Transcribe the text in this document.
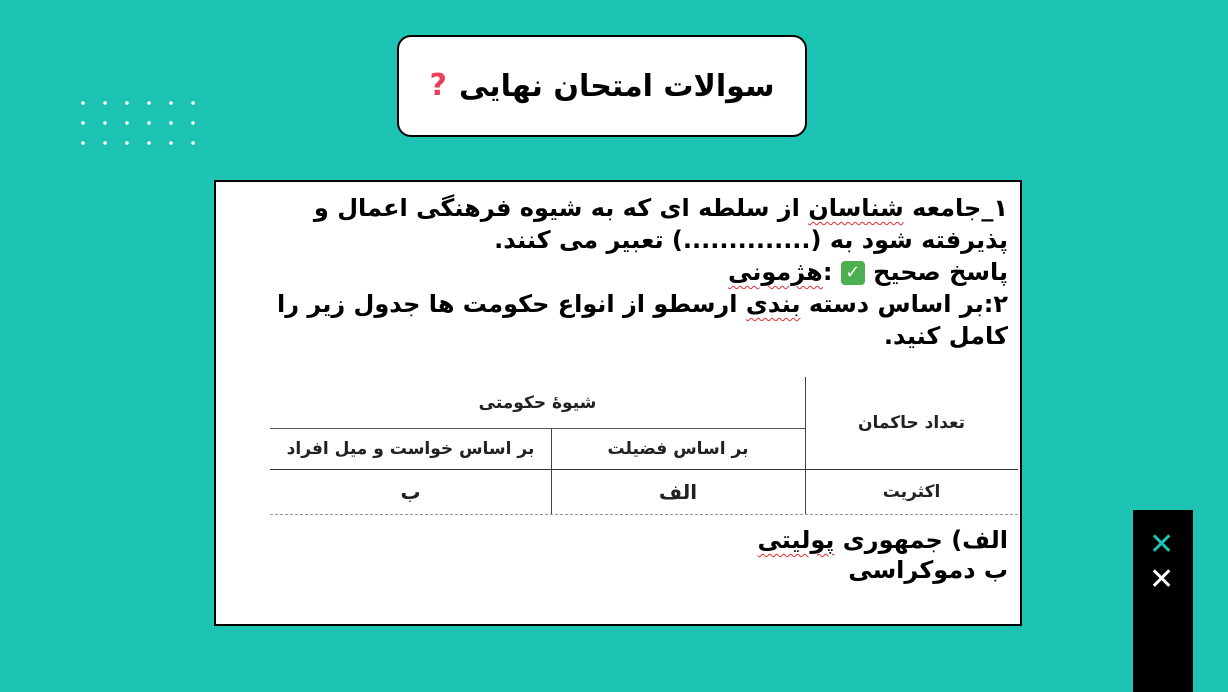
سوالات امتحان نهایی
?

۱_جامعه شناسان از سلطه ای که به شیوه فرهنگی اعمال و پذیرفته شود به (..............) تعبیر می کنند.

پاسخ صحیح ✓ :هژمونی

۲:بر اساس دسته بندی ارسطو از انواع حکومت ها جدول زیر را کامل کنید.

تعداد حاکمان
شیوهٔ حکومتی
بر اساس فضیلت
بر اساس خواست و میل افراد
اکثریت
الف
ب

الف) جمهوری پولیتی

ب دموکراسی

✕
✕
